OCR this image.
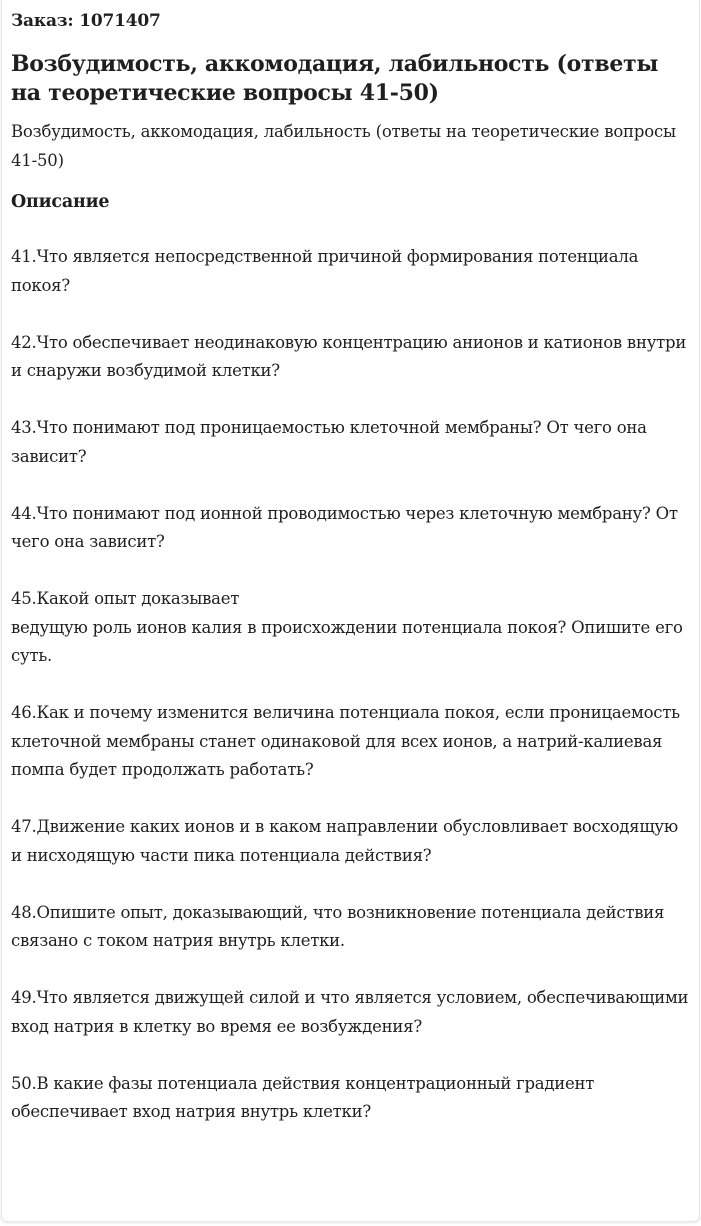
Заказ: 1071407
Возбудимость, аккомодация, лабильность (ответы на теоретические вопросы 41-50)
Возбудимость, аккомодация, лабильность (ответы на теоретические вопросы 41-50)
Описание
41.Что является непосредственной причиной формирования потенциала покоя?
42.Что обеспечивает неодинаковую концентрацию анионов и катионов внутри и снаружи возбудимой клетки?
43.Что понимают под проницаемостью клеточной мембраны? От чего она зависит?
44.Что понимают под ионной проводимостью через клеточную мембрану? От чего она зависит?
45.Какой опыт доказывает
ведущую роль ионов калия в происхождении потенциала покоя? Опишите его суть.
46.Как и почему изменится величина потенциала покоя, если проницаемость клеточной мембраны станет одинаковой для всех ионов, а натрий-калиевая помпа будет продолжать работать?
47.Движение каких ионов и в каком направлении обусловливает восходящую и нисходящую части пика потенциала действия?
48.Опишите опыт, доказывающий, что возникновение потенциала действия связано с током натрия внутрь клетки.
49.Что является движущей силой и что является условием, обеспечивающими вход натрия в клетку во время ее возбуждения?
50.В какие фазы потенциала действия концентрационный градиент обеспечивает вход натрия внутрь клетки?
